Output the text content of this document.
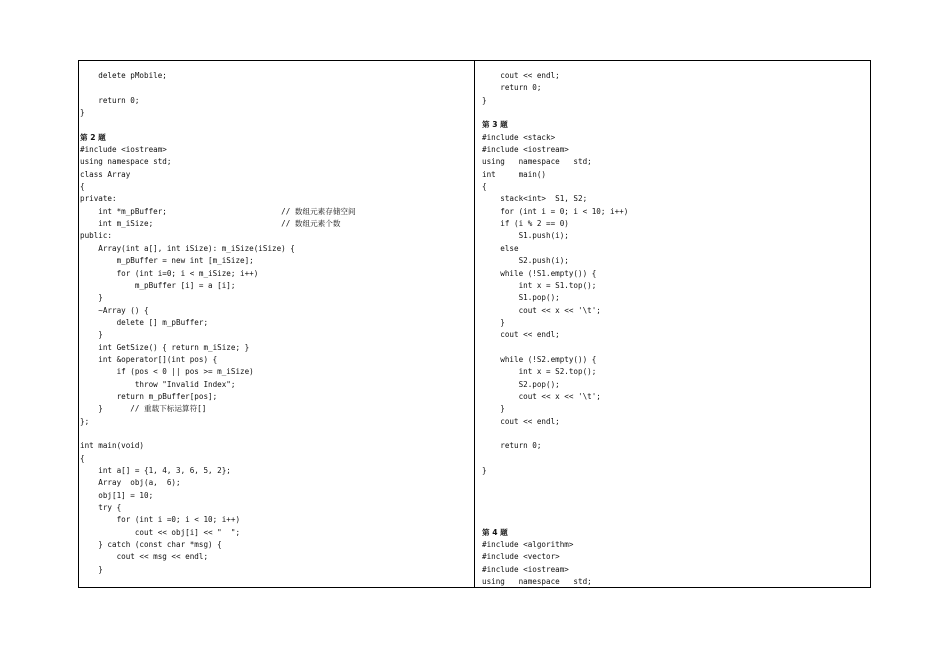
delete pMobile;
return 0;
}
第 2 题
#include <iostream>
using namespace std;
class Array
{
private:
int *m_pBuffer;                         // 数组元素存储空间
int m_iSize;                            // 数组元素个数
public:
Array(int a[], int iSize): m_iSize(iSize) {
m_pBuffer = new int [m_iSize];
for (int i=0; i < m_iSize; i++)
m_pBuffer [i] = a [i];
}
~Array () {
delete [] m_pBuffer;
}
int GetSize() { return m_iSize; }
int &operator[](int pos) {
if (pos < 0 || pos >= m_iSize)
throw "Invalid Index";
return m_pBuffer[pos];
}      // 重载下标运算符[]
};
int main(void)
{
int a[] = {1, 4, 3, 6, 5, 2};
Array  obj(a,  6);
obj[1] = 10;
try {
for (int i =0; i < 10; i++)
cout << obj[i] << "  ";
} catch (const char *msg) {
cout << msg << endl;
}
cout << endl;
return 0;
}
第 3 题
#include <stack>
#include <iostream>
using   namespace   std;
int     main()
{
stack<int>  S1, S2;
for (int i = 0; i < 10; i++)
if (i % 2 == 0)
S1.push(i);
else
S2.push(i);
while (!S1.empty()) {
int x = S1.top();
S1.pop();
cout << x << '\t';
}
cout << endl;
while (!S2.empty()) {
int x = S2.top();
S2.pop();
cout << x << '\t';
}
cout << endl;
return 0;
}
第 4 题
#include <algorithm>
#include <vector>
#include <iostream>
using   namespace   std;
